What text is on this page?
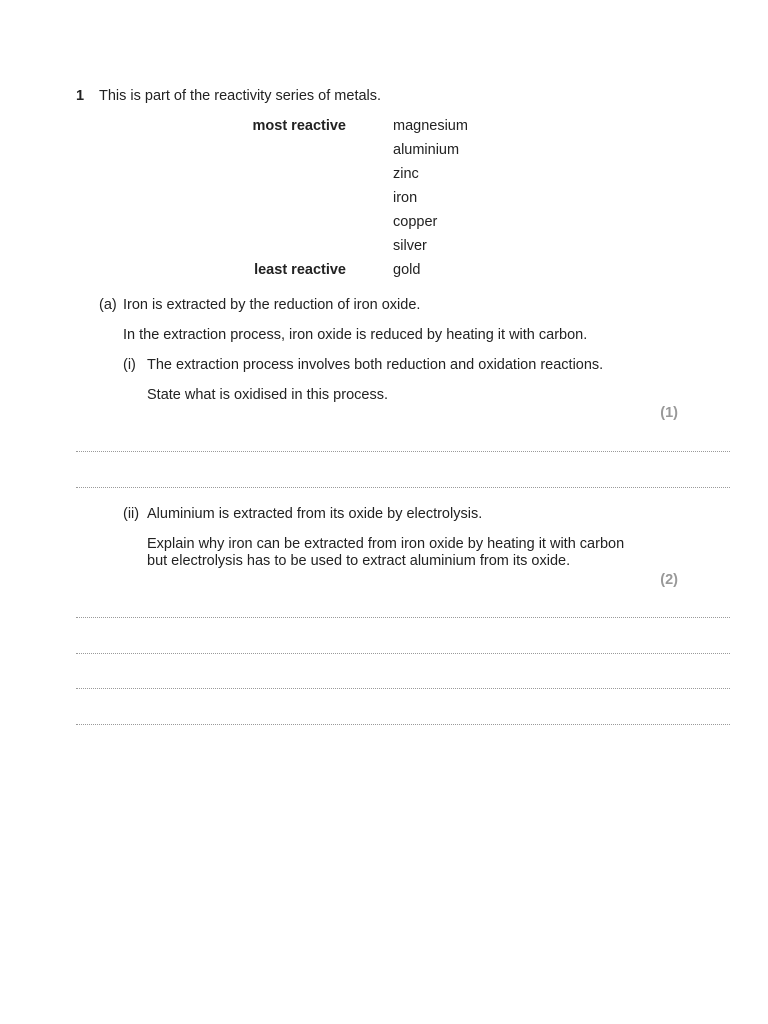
1 This is part of the reactivity series of metals.
most reactive
least reactive
magnesium
aluminium
zinc
iron
copper
silver
gold
(a) Iron is extracted by the reduction of iron oxide.
In the extraction process, iron oxide is reduced by heating it with carbon.
(i) The extraction process involves both reduction and oxidation reactions.
State what is oxidised in this process.
(1)
(ii) Aluminium is extracted from its oxide by electrolysis.
Explain why iron can be extracted from iron oxide by heating it with carbon
but electrolysis has to be used to extract aluminium from its oxide.
(2)
